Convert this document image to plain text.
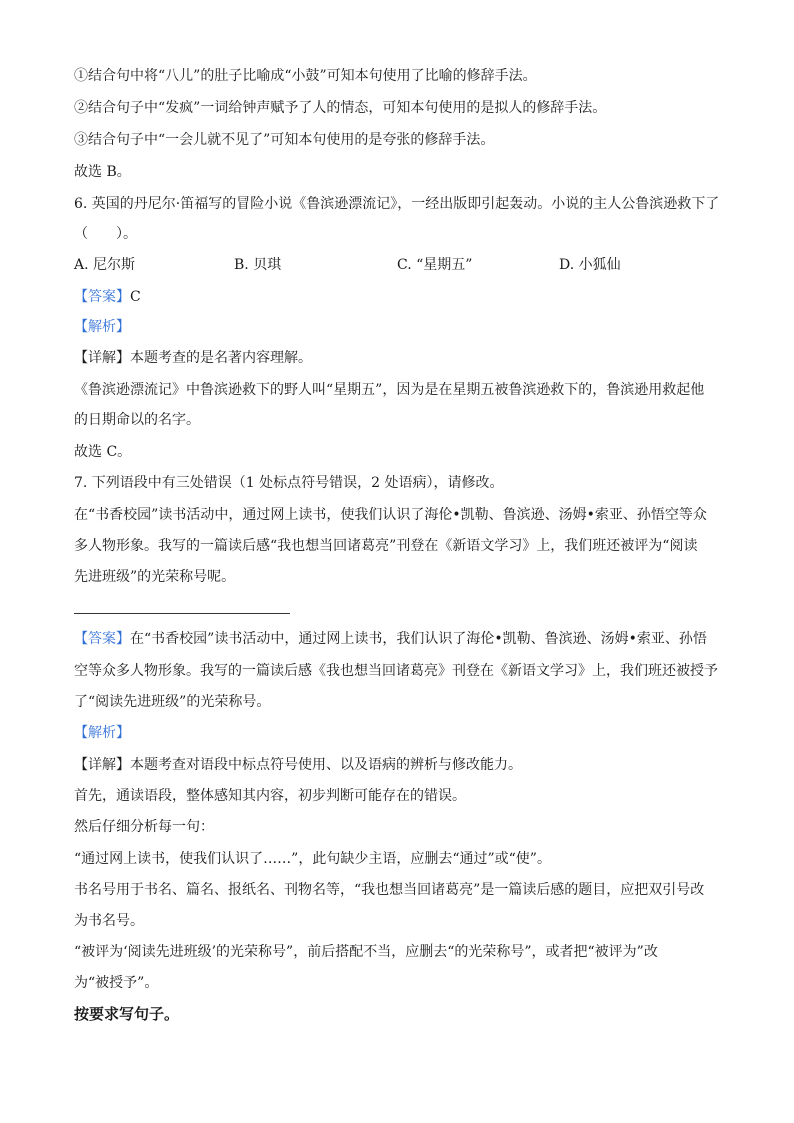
①结合句中将“八儿”的肚子比喻成“小鼓”可知本句使用了比喻的修辞手法。
②结合句子中“发疯”一词给钟声赋予了人的情态，可知本句使用的是拟人的修辞手法。
③结合句子中“一会儿就不见了”可知本句使用的是夸张的修辞手法。
故选 B。
6. 英国的丹尼尔·笛福写的冒险小说《鲁滨逊漂流记》，一经出版即引起轰动。小说的主人公鲁滨逊救下了
（　　）。
A. 尼尔斯	B. 贝琪	C. “星期五”	D. 小狐仙
【答案】C
【解析】
【详解】本题考查的是名著内容理解。
《鲁滨逊漂流记》中鲁滨逊救下的野人叫“星期五”，因为是在星期五被鲁滨逊救下的，鲁滨逊用救起他
的日期命以的名字。
故选 C。
7. 下列语段中有三处错误（1 处标点符号错误，2 处语病），请修改。
在“书香校园”读书活动中，通过网上读书，使我们认识了海伦•凯勒、鲁滨逊、汤姆•索亚、孙悟空等众
多人物形象。我写的一篇读后感“我也想当回诸葛亮”刊登在《新语文学习》上，我们班还被评为“阅读
先进班级”的光荣称号呢。
【答案】在“书香校园”读书活动中，通过网上读书，我们认识了海伦•凯勒、鲁滨逊、汤姆•索亚、孙悟
空等众多人物形象。我写的一篇读后感《我也想当回诸葛亮》刊登在《新语文学习》上，我们班还被授予
了“阅读先进班级”的光荣称号。
【解析】
【详解】本题考查对语段中标点符号使用、以及语病的辨析与修改能力。
首先，通读语段，整体感知其内容，初步判断可能存在的错误。
然后仔细分析每一句：
“通过网上读书，使我们认识了……”，此句缺少主语，应删去“通过”或“使”。
书名号用于书名、篇名、报纸名、刊物名等，“我也想当回诸葛亮”是一篇读后感的题目，应把双引号改
为书名号。
“被评为‘阅读先进班级’的光荣称号”，前后搭配不当，应删去“的光荣称号”，或者把“被评为”改
为“被授予”。
按要求写句子。
